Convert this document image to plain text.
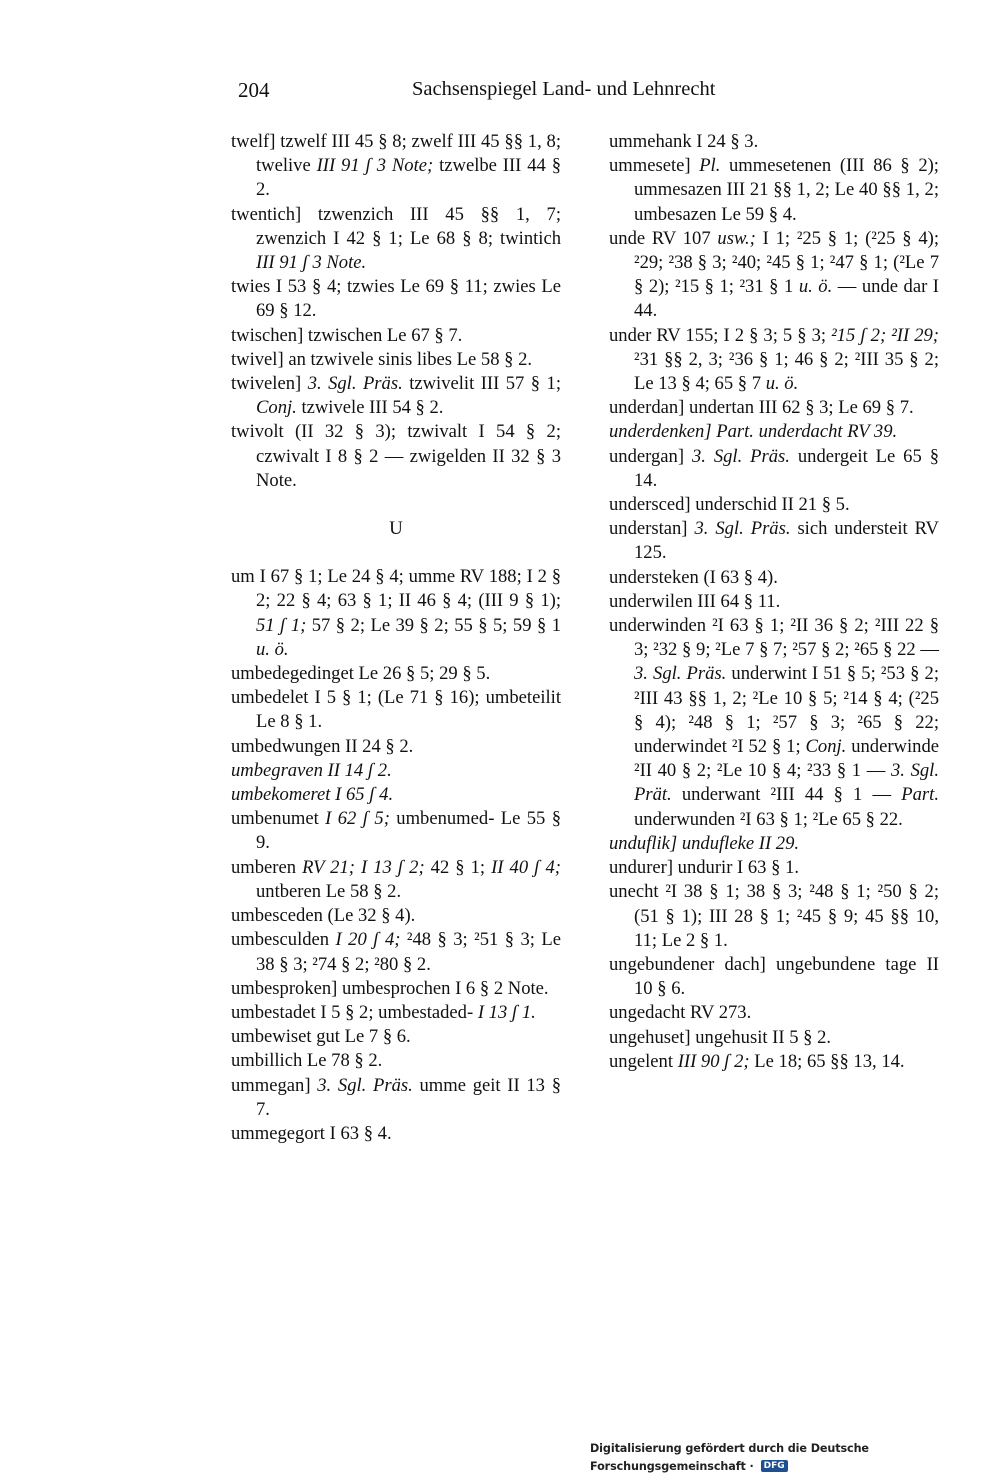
204	Sachsenspiegel Land- und Lehnrecht
twelf] tzwelf III 45 § 8; zwelf III 45 §§ 1, 8; twelive III 91 ʃ 3 Note; tzwelbe III 44 § 2.
twentich] tzwenzich III 45 §§ 1, 7; zwenzich I 42 § 1; Le 68 § 8; twintich III 91 ʃ 3 Note.
twies I 53 § 4; tzwies Le 69 § 11; zwies Le 69 § 12.
twischen] tzwischen Le 67 § 7.
twivel] an tzwivele sinis libes Le 58 § 2.
twivelen] 3. Sgl. Präs. tzwivelit III 57 § 1; Conj. tzwivele III 54 § 2.
twivolt (II 32 § 3); tzwivalt I 54 § 2; czwivalt I 8 § 2 — zwigelden II 32 § 3 Note.
U
um I 67 § 1; Le 24 § 4; umme RV 188; I 2 § 2; 22 § 4; 63 § 1; II 46 § 4; (III 9 § 1); 51 ʃ 1; 57 § 2; Le 39 § 2; 55 § 5; 59 § 1 u. ö.
umbedegedinget Le 26 § 5; 29 § 5.
umbedelet I 5 § 1; (Le 71 § 16); umbeteilit Le 8 § 1.
umbedwungen II 24 § 2.
umbegraven II 14 ʃ 2.
umbekomeret I 65 ʃ 4.
umbenumet I 62 ʃ 5; umbenumed- Le 55 § 9.
umberen RV 21; I 13 ʃ 2; 42 § 1; II 40 ʃ 4; untberen Le 58 § 2.
umbesceden (Le 32 § 4).
umbesculden I 20 ʃ 4; ²48 § 3; ²51 § 3; Le 38 § 3; ²74 § 2; ²80 § 2.
umbesproken] umbesprochen I 6 § 2 Note.
umbestadet I 5 § 2; umbestaded- I 13 ʃ 1.
umbewiset gut Le 7 § 6.
umbillich Le 78 § 2.
ummegan] 3. Sgl. Präs. umme geit II 13 § 7.
ummegegort I 63 § 4.
ummehank I 24 § 3.
ummesete] Pl. ummesetenen (III 86 § 2); ummesazen III 21 §§ 1, 2; Le 40 §§ 1, 2; umbesazen Le 59 § 4.
unde RV 107 usw.; I 1; ²25 § 1; (²25 § 4); ²29; ²38 § 3; ²40; ²45 § 1; ²47 § 1; (²Le 7 § 2); ²15 § 1; ²31 § 1 u. ö. — unde dar I 44.
under RV 155; I 2 § 3; 5 § 3; ²15 ʃ 2; ²II 29; ²31 §§ 2, 3; ²36 § 1; 46 § 2; ²III 35 § 2; Le 13 § 4; 65 § 7 u. ö.
underdan] undertan III 62 § 3; Le 69 § 7.
underdenken] Part. underdacht RV 39.
undergan] 3. Sgl. Präs. undergeit Le 65 § 14.
undersced] underschid II 21 § 5.
understan] 3. Sgl. Präs. sich understeit RV 125.
understeken (I 63 § 4).
underwilen III 64 § 11.
underwinden ²I 63 § 1; ²II 36 § 2; ²III 22 § 3; ²32 § 9; ²Le 7 § 7; ²57 § 2; ²65 § 22 — 3. Sgl. Präs. underwint I 51 § 5; ²53 § 2; ²III 43 §§ 1, 2; ²Le 10 § 5; ²14 § 4; (²25 § 4); ²48 § 1; ²57 § 3; ²65 § 22; underwindet ²I 52 § 1; Conj. underwinde ²II 40 § 2; ²Le 10 § 4; ²33 § 1 — 3. Sgl. Prät. underwant ²III 44 § 1 — Part. underwunden ²I 63 § 1; ²Le 65 § 22.
unduflik] unduflеke II 29.
undurer] undurir I 63 § 1.
unecht ²I 38 § 1; 38 § 3; ²48 § 1; ²50 § 2; (51 § 1); III 28 § 1; ²45 § 9; 45 §§ 10, 11; Le 2 § 1.
ungebundener dach] ungebundene tage II 10 § 6.
ungedacht RV 273.
ungehuset] ungehusit II 5 § 2.
ungelent III 90 ʃ 2; Le 18; 65 §§ 13, 14.
Digitalisierung gefördert durch die Deutsche Forschungsgemeinschaft · DFG
